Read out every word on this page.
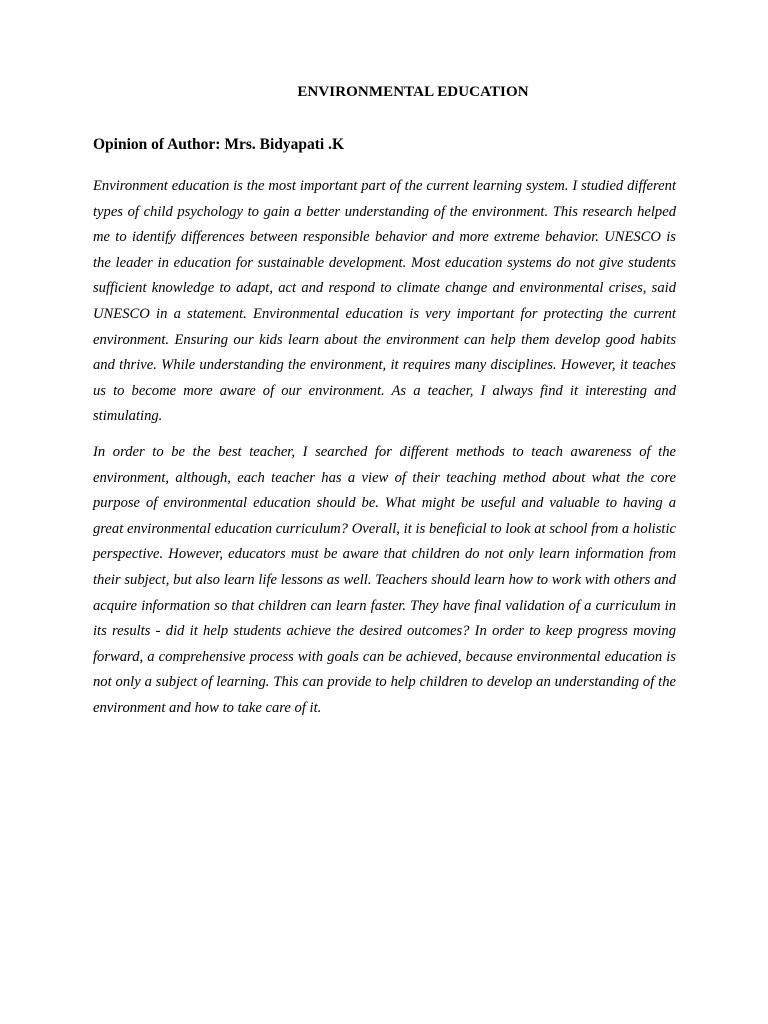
ENVIRONMENTAL EDUCATION
Opinion of Author: Mrs. Bidyapati .K

Environment education is the most important part of the current learning system. I studied different types of child psychology to gain a better understanding of the environment. This research helped me to identify differences between responsible behavior and more extreme behavior. UNESCO is the leader in education for sustainable development. Most education systems do not give students sufficient knowledge to adapt, act and respond to climate change and environmental crises, said UNESCO in a statement. Environmental education is very important for protecting the current environment. Ensuring our kids learn about the environment can help them develop good habits and thrive. While understanding the environment, it requires many disciplines. However, it teaches us to become more aware of our environment. As a teacher, I always find it interesting and stimulating.

In order to be the best teacher, I searched for different methods to teach awareness of the environment, although, each teacher has a view of their teaching method about what the core purpose of environmental education should be. What might be useful and valuable to having a great environmental education curriculum? Overall, it is beneficial to look at school from a holistic perspective. However, educators must be aware that children do not only learn information from their subject, but also learn life lessons as well. Teachers should learn how to work with others and acquire information so that children can learn faster. They have final validation of a curriculum in its results - did it help students achieve the desired outcomes? In order to keep progress moving forward, a comprehensive process with goals can be achieved, because environmental education is not only a subject of learning. This can provide to help children to develop an understanding of the environment and how to take care of it.
